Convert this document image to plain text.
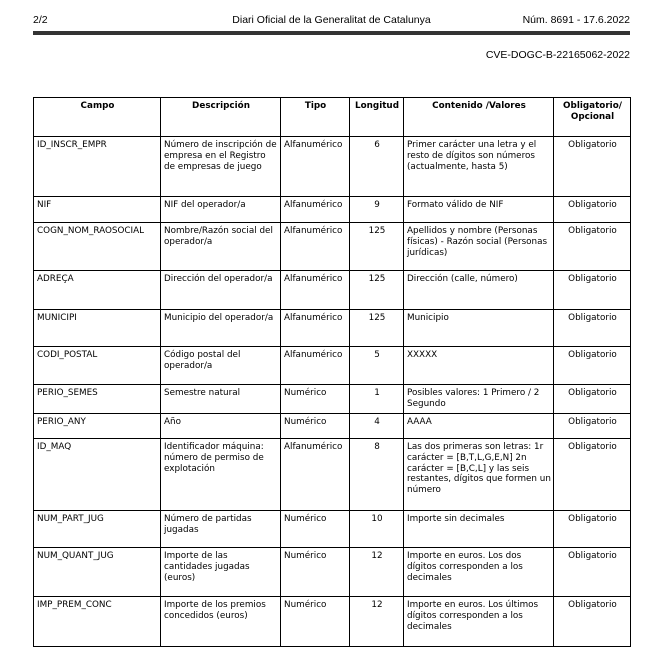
2/2	Diari Oficial de la Generalitat de Catalunya	Núm. 8691 - 17.6.2022
CVE-DOGC-B-22165062-2022
Campo	Descripción	Tipo	Longitud	Contenido /Valores	Obligatorio/ Opcional
ID_INSCR_EMPR	Número de inscripción de empresa en el Registro de empresas de juego	Alfanumérico	6	Primer carácter una letra y el resto de dígitos son números (actualmente, hasta 5)	Obligatorio
NIF	NIF del operador/a	Alfanumérico	9	Formato válido de NIF	Obligatorio
COGN_NOM_RAOSOCIAL	Nombre/Razón social del operador/a	Alfanumérico	125	Apellidos y nombre (Personas físicas) - Razón social (Personas jurídicas)	Obligatorio
ADREÇA	Dirección del operador/a	Alfanumérico	125	Dirección (calle, número)	Obligatorio
MUNICIPI	Municipio del operador/a	Alfanumérico	125	Municipio	Obligatorio
CODI_POSTAL	Código postal del operador/a	Alfanumérico	5	XXXXX	Obligatorio
PERIO_SEMES	Semestre natural	Numérico	1	Posibles valores: 1 Primero / 2 Segundo	Obligatorio
PERIO_ANY	Año	Numérico	4	AAAA	Obligatorio
ID_MAQ	Identificador máquina: número de permiso de explotación	Alfanumérico	8	Las dos primeras son letras: 1r carácter = [B,T,L,G,E,N] 2n carácter = [B,C,L] y las seis restantes, dígitos que formen un número	Obligatorio
NUM_PART_JUG	Número de partidas jugadas	Numérico	10	Importe sin decimales	Obligatorio
NUM_QUANT_JUG	Importe de las cantidades jugadas (euros)	Numérico	12	Importe en euros. Los dos dígitos corresponden a los decimales	Obligatorio
IMP_PREM_CONC	Importe de los premios concedidos (euros)	Numérico	12	Importe en euros. Los últimos dígitos corresponden a los decimales	Obligatorio
